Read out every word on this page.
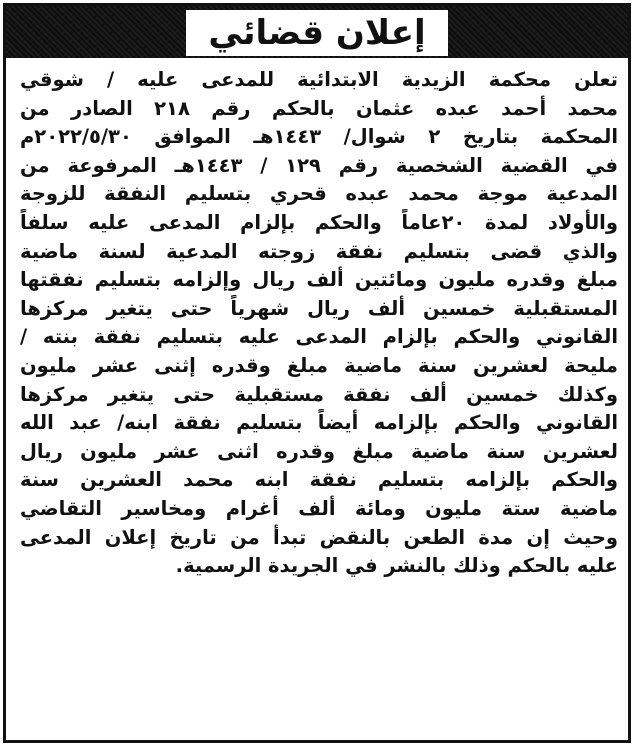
إعلان قضائي
تعلن محكمة الزيدية الابتدائية للمدعى عليه / شوقي
محمد أحمد عبده عثمان بالحكم رقم ٢١٨ الصادر من
المحكمة بتاريخ ٢ شوال/ ١٤٤٣هـ الموافق ٢٠٢٢/٥/٣٠م
في القضية الشخصية رقم ١٢٩ / ١٤٤٣هـ المرفوعة من
المدعية موجة محمد عبده قحري بتسليم النفقة للزوجة
والأولاد لمدة ٢٠عاماً والحكم بإلزام المدعى عليه سلفاً
والذي قضى بتسليم نفقة زوجته المدعية لسنة ماضية
مبلغ وقدره مليون ومائتين ألف ريال وإلزامه بتسليم نفقتها
المستقبلية خمسين ألف ريال شهرياً حتى يتغير مركزها
القانوني والحكم بإلزام المدعى عليه بتسليم نفقة بنته /
مليحة لعشرين سنة ماضية مبلغ وقدره إثنى عشر مليون
وكذلك خمسين ألف نفقة مستقبلية حتى يتغير مركزها
القانوني والحكم بإلزامه أيضاً بتسليم نفقة ابنه/ عبد الله
لعشرين سنة ماضية مبلغ وقدره اثنى عشر مليون ريال
والحكم بإلزامه بتسليم نفقة ابنه محمد العشرين سنة
ماضية ستة مليون ومائة ألف أغرام ومخاسير التقاضي
وحيث إن مدة الطعن بالنقض تبدأ من تاريخ إعلان المدعى
عليه بالحكم وذلك بالنشر في الجريدة الرسمية.
